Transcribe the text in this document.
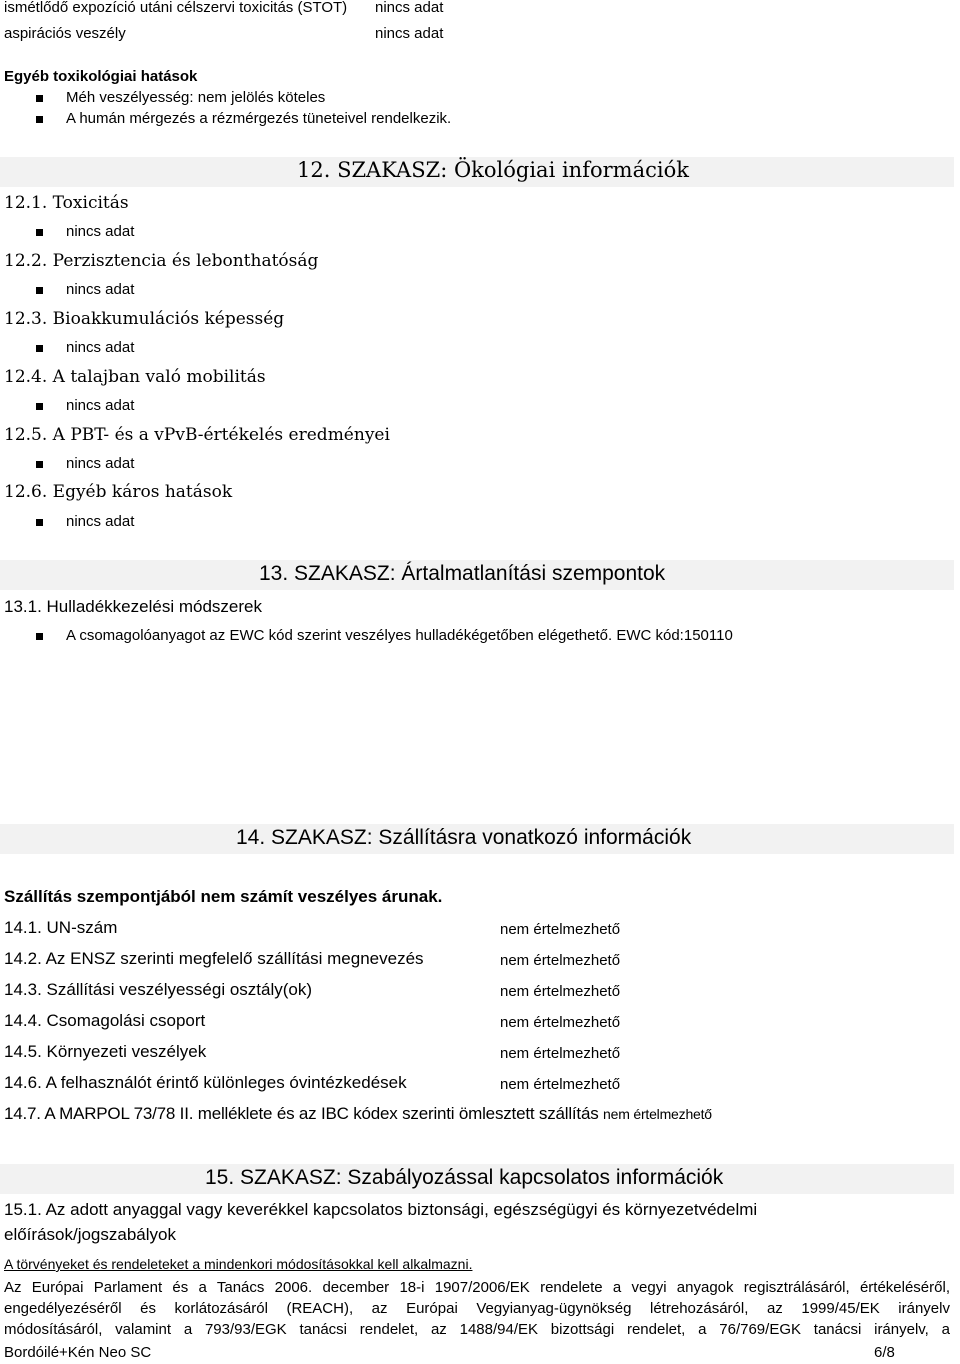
ismétlődő expozíció utáni célszervi toxicitás (STOT) nincs adat
aspirációs veszély	nincs adat
Egyéb toxikológiai hatások
Méh veszélyesség: nem jelölés köteles
A humán mérgezés a rézmérgezés tüneteivel rendelkezik.
12. SZAKASZ: Ökológiai információk
12.1. Toxicitás
nincs adat
12.2. Perzisztencia és lebonthatóság
nincs adat
12.3. Bioakkumulációs képesség
nincs adat
12.4. A talajban való mobilitás
nincs adat
12.5. A PBT- és a vPvB-értékelés eredményei
nincs adat
12.6. Egyéb káros hatások
nincs adat
13. SZAKASZ: Ártalmatlanítási szempontok
13.1. Hulladékkezelési módszerek
A csomagolóanyagot az EWC kód szerint veszélyes hulladékégetőben elégethető. EWC kód:150110
14. SZAKASZ: Szállításra vonatkozó információk
Szállítás szempontjából nem számít veszélyes árunak.
14.1. UN-szám	nem értelmezhető
14.2. Az ENSZ szerinti megfelelő szállítási megnevezés	nem értelmezhető
14.3. Szállítási veszélyességi osztály(ok)	nem értelmezhető
14.4. Csomagolási csoport	nem értelmezhető
14.5. Környezeti veszélyek	nem értelmezhető
14.6. A felhasználót érintő különleges óvintézkedések	nem értelmezhető
14.7. A MARPOL 73/78 II. melléklete és az IBC kódex szerinti ömlesztett szállítás nem értelmezhető
15. SZAKASZ: Szabályozással kapcsolatos információk
15.1. Az adott anyaggal vagy keverékkel kapcsolatos biztonsági, egészségügyi és környezetvédelmi
előírások/jogszabályok
A törvényeket és rendeleteket a mindenkori módosításokkal kell alkalmazni.
Az Európai Parlament és a Tanács 2006. december 18-i 1907/2006/EK rendelete a vegyi anyagok regisztrálásáról, értékeléséről,
engedélyezéséről és korlátozásáról (REACH), az Európai Vegyianyag-ügynökség létrehozásáról, az 1999/45/EK irányelv
módosításáról, valamint a 793/93/EGK tanácsi rendelet, az 1488/94/EK bizottsági rendelet, a 76/769/EGK tanácsi irányelv, a
Bordóilé+Kén Neo SC	6/8
